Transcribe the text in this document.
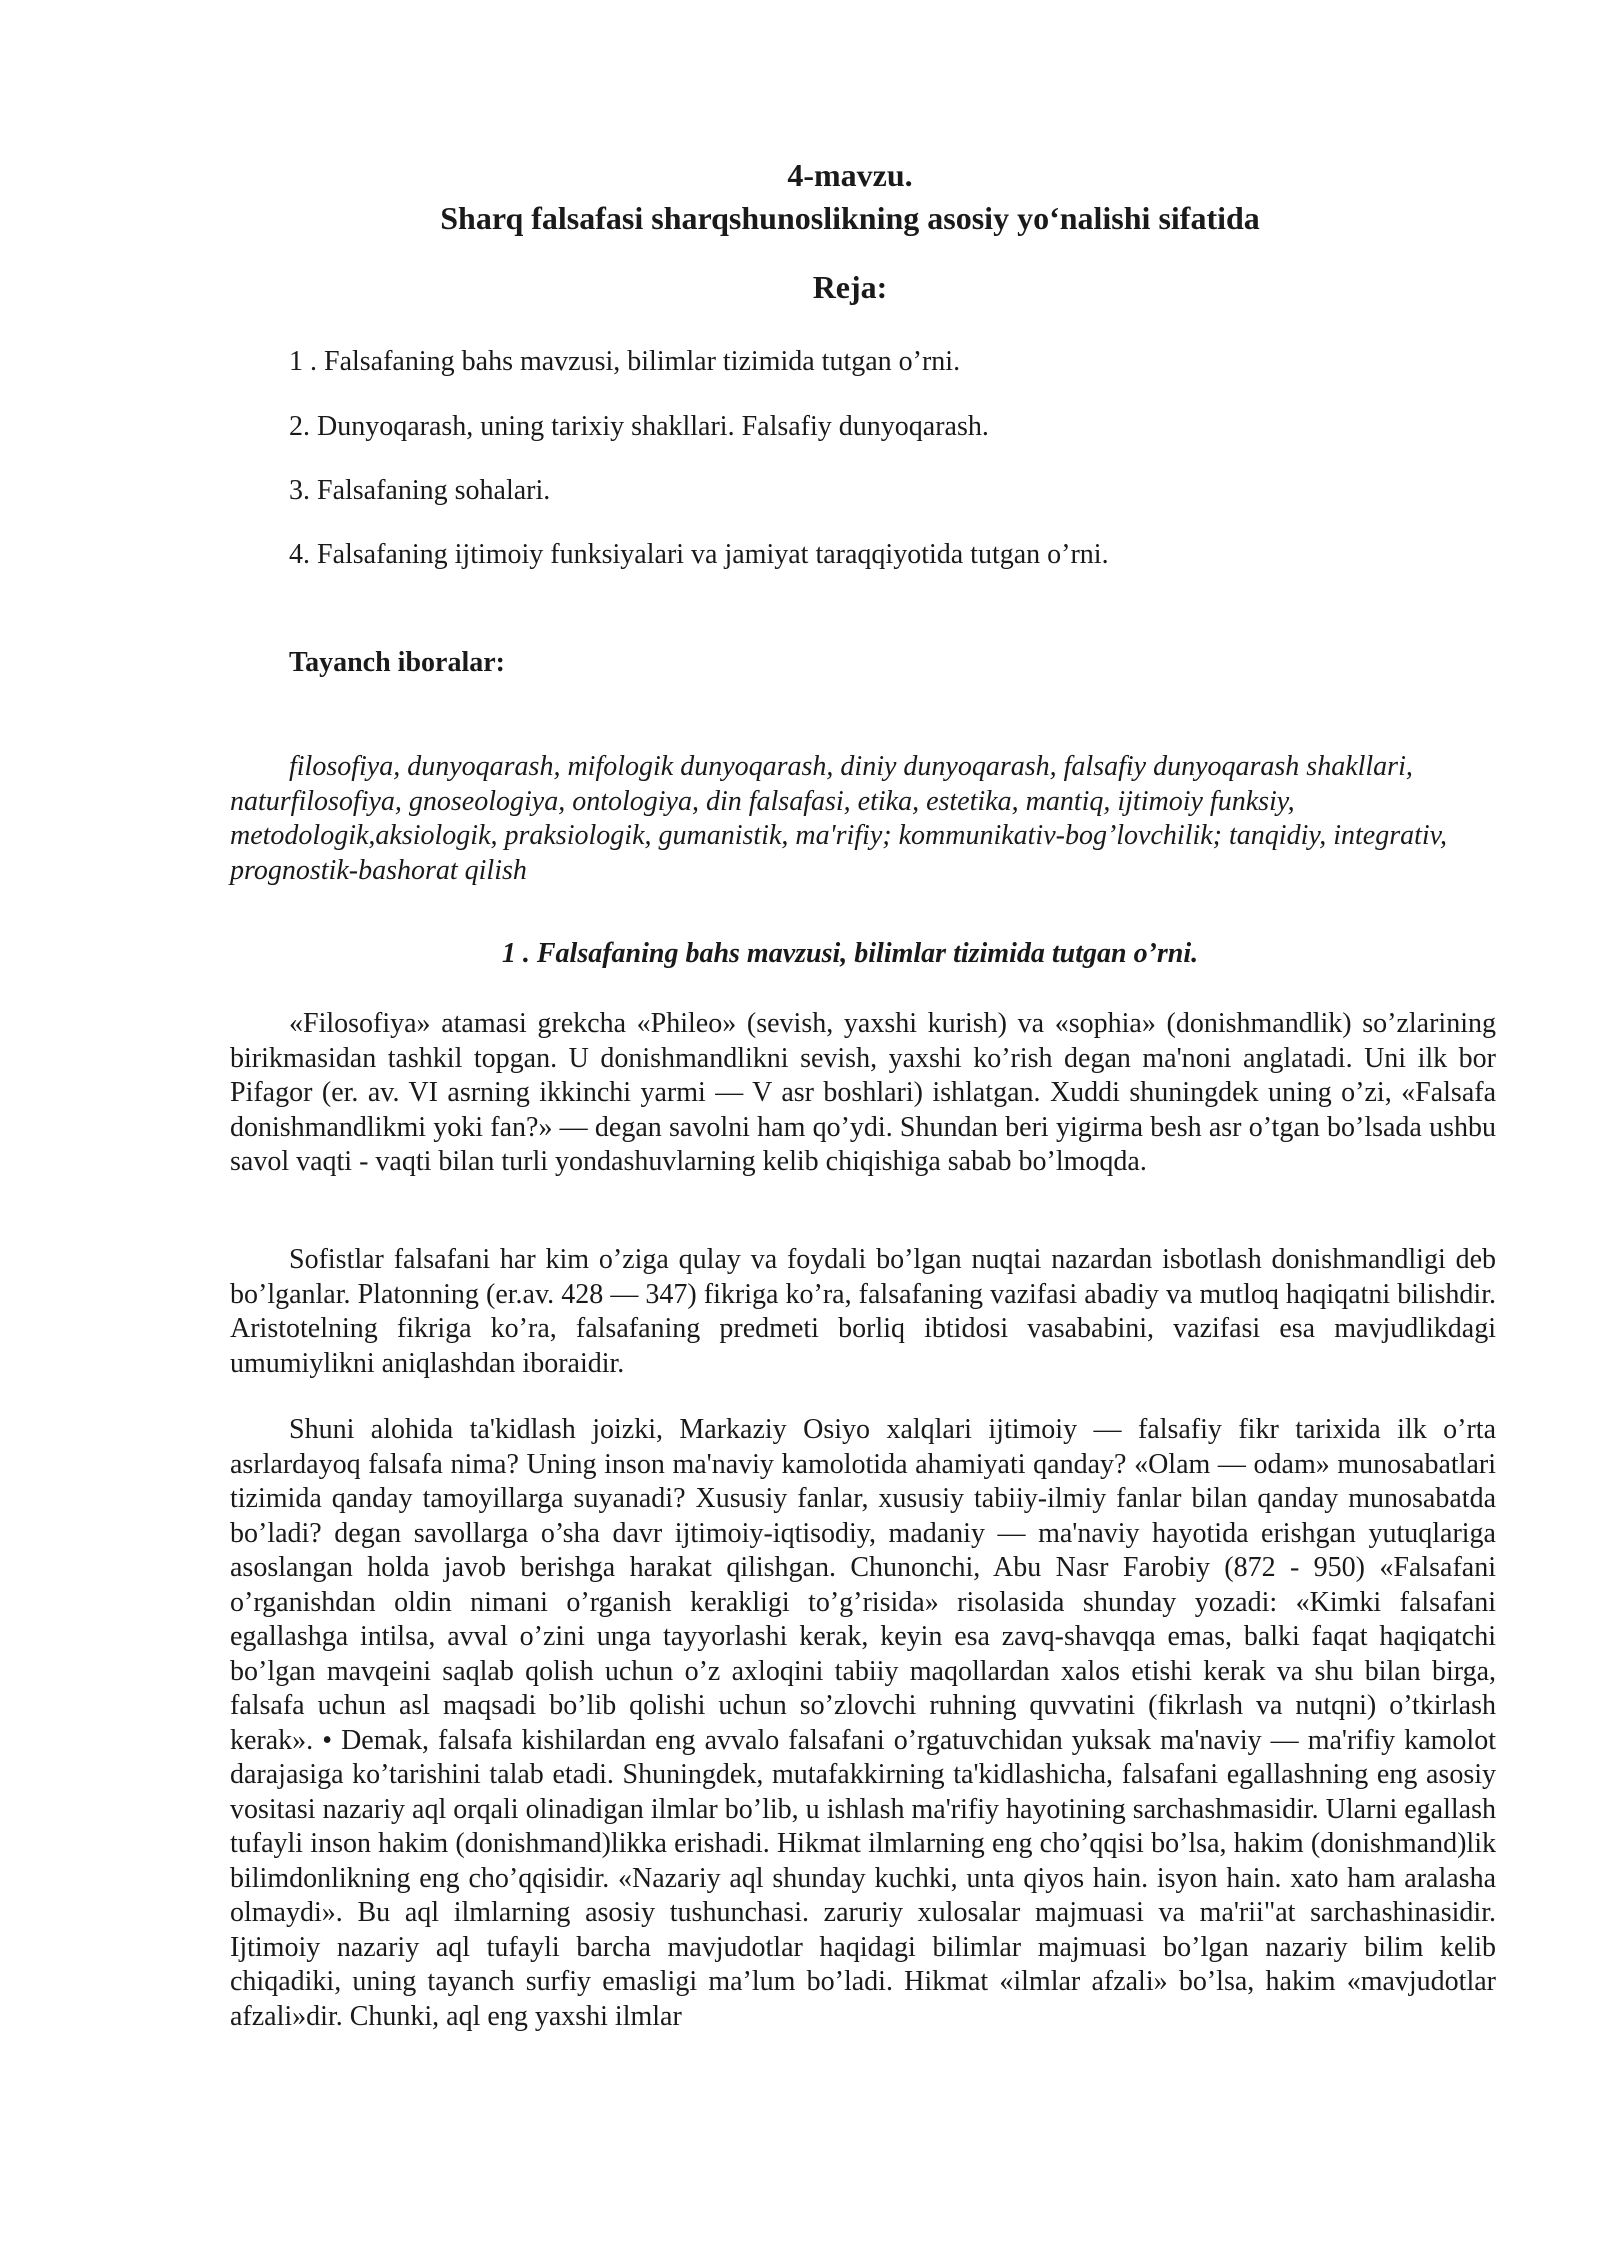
4-mavzu.
Sharq falsafasi sharqshunoslikning asosiy yo‘nalishi sifatida
Reja:

1 . Falsafaning bahs mavzusi, bilimlar tizimida tutgan o’rni.

2. Dunyoqarash, uning tarixiy shakllari. Falsafiy dunyoqarash.

3. Falsafaning sohalari.

4. Falsafaning ijtimoiy funksiyalari va jamiyat taraqqiyotida tutgan o’rni.

Tayanch iboralar:

filosofiya, dunyoqarash, mifologik dunyoqarash, diniy dunyoqarash, falsafiy dunyoqarash shakllari, naturfilosofiya, gnoseologiya, ontologiya, din falsafasi, etika, estetika, mantiq, ijtimoiy funksiy, metodologik,aksiologik, praksiologik, gumanistik, ma'rifiy; kommunikativ-bog’lovchilik; tanqidiy, integrativ, prognostik-bashorat qilish

1 . Falsafaning bahs mavzusi, bilimlar tizimida tutgan o’rni.

«Filosofiya» atamasi grekcha «Phileo» (sevish, yaxshi kurish) va «sophia» (donishmandlik) so’zlarining birikmasidan tashkil topgan. U donishmandlikni sevish, yaxshi ko’rish degan ma'noni anglatadi. Uni ilk bor Pifagor (er. av. VI asrning ikkinchi yarmi — V asr boshlari) ishlatgan. Xuddi shuningdek uning o’zi, «Falsafa donishmandlikmi yoki fan?» — degan savolni ham qo’ydi. Shundan beri yigirma besh asr o’tgan bo’lsada ushbu savol vaqti - vaqti bilan turli yondashuvlarning kelib chiqishiga sabab bo’lmoqda.

Sofistlar falsafani har kim o’ziga qulay va foydali bo’lgan nuqtai nazardan isbotlash donishmandligi deb bo’lganlar. Platonning (er.av. 428 — 347) fikriga ko’ra, falsafaning vazifasi abadiy va mutloq haqiqatni bilishdir. Aristotelning fikriga ko’ra, falsafaning predmeti borliq ibtidosi vasababini, vazifasi esa mavjudlikdagi umumiylikni aniqlashdan iboraidir.

Shuni alohida ta'kidlash joizki, Markaziy Osiyo xalqlari ijtimoiy — falsafiy fikr tarixida ilk o’rta asrlardayoq falsafa nima? Uning inson ma'naviy kamolotida ahamiyati qanday? «Olam — odam» munosabatlari tizimida qanday tamoyillarga suyanadi? Xususiy fanlar, xususiy tabiiy-ilmiy fanlar bilan qanday munosabatda bo’ladi? degan savollarga o’sha davr ijtimoiy-iqtisodiy, madaniy — ma'naviy hayotida erishgan yutuqlariga asoslangan holda javob berishga harakat qilishgan. Chunonchi, Abu Nasr Farobiy (872 - 950) «Falsafani o’rganishdan oldin nimani o’rganish kerakligi to’g’risida» risolasida shunday yozadi: «Kimki falsafani egallashga intilsa, avval o’zini unga tayyorlashi kerak, keyin esa zavq-shavqqa emas, balki faqat haqiqatchi bo’lgan mavqeini saqlab qolish uchun o’z axloqini tabiiy maqollardan xalos etishi kerak va shu bilan birga, falsafa uchun asl maqsadi bo’lib qolishi uchun so’zlovchi ruhning quvvatini (fikrlash va nutqni) o’tkirlash kerak». • Demak, falsafa kishilardan eng avvalo falsafani o’rgatuvchidan yuksak ma'naviy — ma'rifiy kamolot darajasiga ko’tarishini talab etadi. Shuningdek, mutafakkirning ta'kidlashicha, falsafani egallashning eng asosiy vositasi nazariy aql orqali olinadigan ilmlar bo’lib, u ishlash ma'rifiy hayotining sarchashmasidir. Ularni egallash tufayli inson hakim (donishmand)likka erishadi. Hikmat ilmlarning eng cho’qqisi bo’lsa, hakim (donishmand)lik bilimdonlikning eng cho’qqisidir. «Nazariy aql shunday kuchki, unta qiyos hain. isyon hain. xato ham aralasha olmaydi». Bu aql ilmlarning asosiy tushunchasi. zaruriy xulosalar majmuasi va ma'rii"at sarchashinasidir. Ijtimoiy nazariy aql tufayli barcha mavjudotlar haqidagi bilimlar majmuasi bo’lgan nazariy bilim kelib chiqadiki, uning tayanch surfiy emasligi ma’lum bo’ladi. Hikmat «ilmlar afzali» bo’lsa, hakim «mavjudotlar afzali»dir. Chunki, aql eng yaxshi ilmlar
